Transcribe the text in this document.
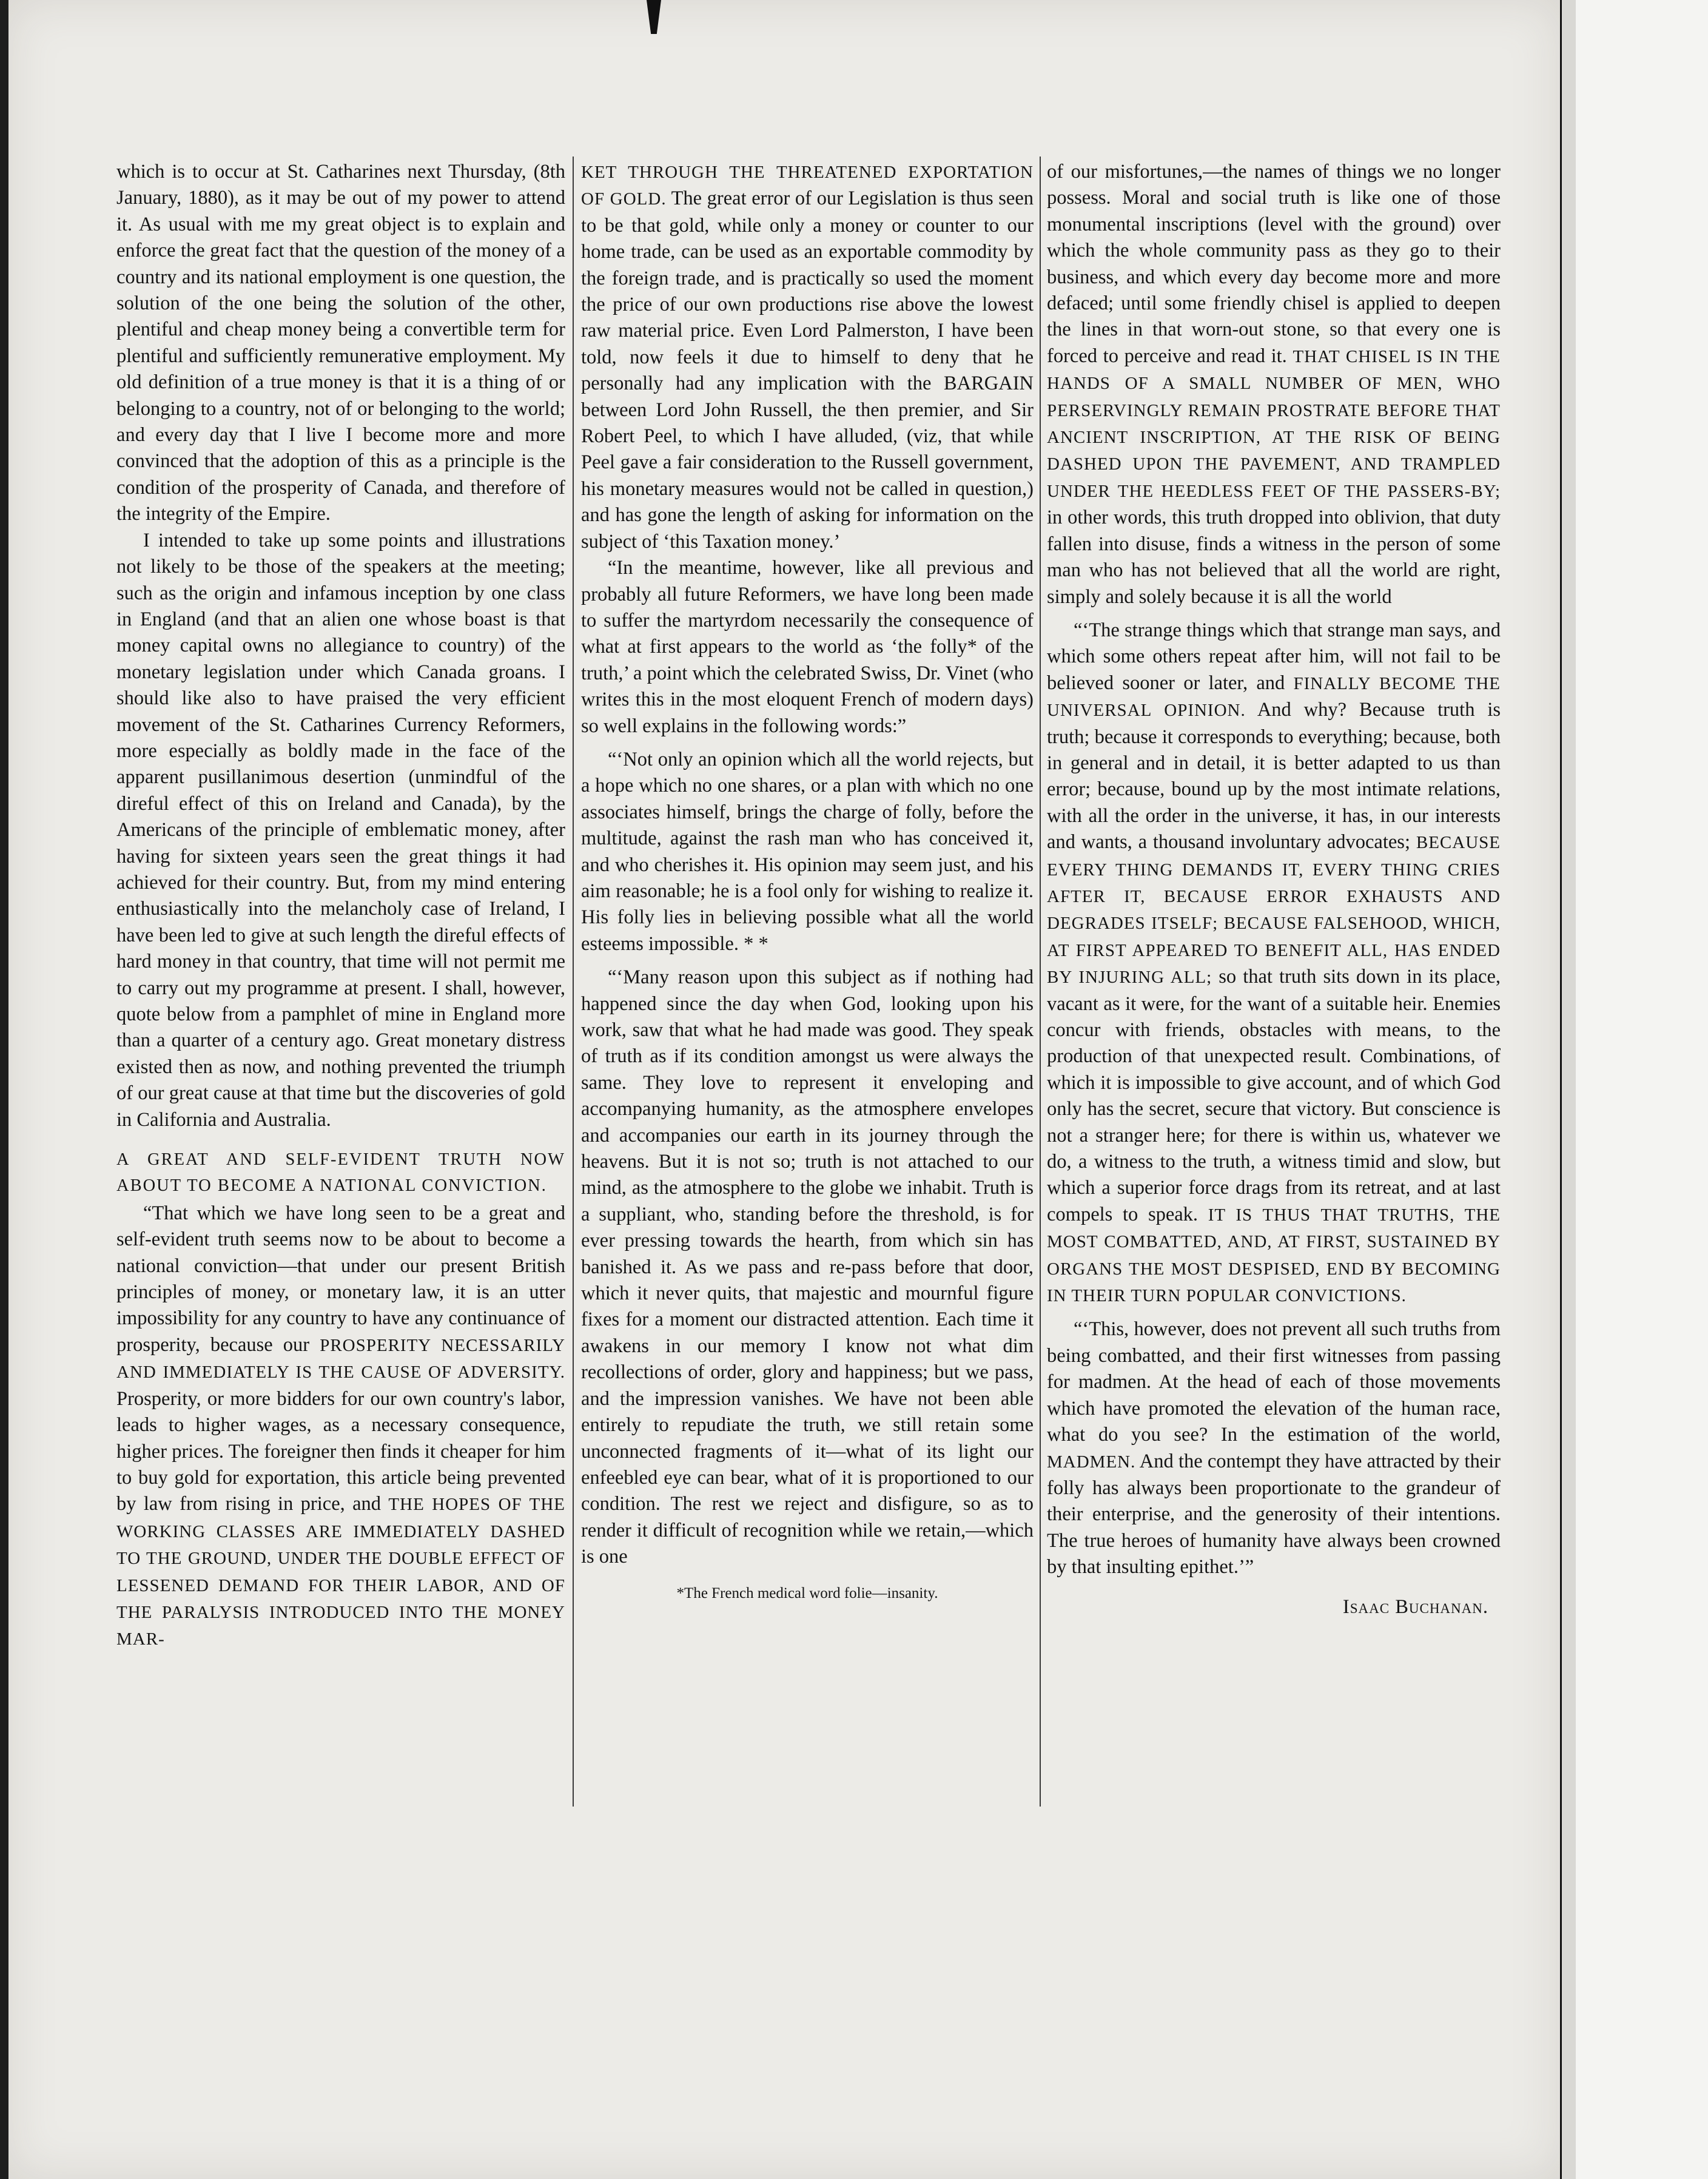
which is to occur at St. Catharines next Thursday, (8th January, 1880), as it may be out of my power to attend it. As usual with me my great object is to explain and enforce the great fact that the question of the money of a country and its national employment is one question, the solution of the one being the solution of the other, plentiful and cheap money being a convertible term for plentiful and sufficiently remunerative employment. My old definition of a true money is that it is a thing of or belonging to a country, not of or belonging to the world; and every day that I live I become more and more convinced that the adoption of this as a principle is the condition of the prosperity of Canada, and therefore of the integrity of the Empire.

I intended to take up some points and illustrations not likely to be those of the speakers at the meeting; such as the origin and infamous inception by one class in England (and that an alien one whose boast is that money capital owns no allegiance to country) of the monetary legislation under which Canada groans. I should like also to have praised the very efficient movement of the St. Catharines Currency Reformers, more especially as boldly made in the face of the apparent pusillanimous desertion (unmindful of the direful effect of this on Ireland and Canada), by the Americans of the principle of emblematic money, after having for sixteen years seen the great things it had achieved for their country. But, from my mind entering enthusiastically into the melancholy case of Ireland, I have been led to give at such length the direful effects of hard money in that country, that time will not permit me to carry out my programme at present. I shall, however, quote below from a pamphlet of mine in England more than a quarter of a century ago. Great monetary distress existed then as now, and nothing prevented the triumph of our great cause at that time but the discoveries of gold in California and Australia.

A GREAT AND SELF-EVIDENT TRUTH NOW ABOUT TO BECOME A NATIONAL CONVICTION.

“That which we have long seen to be a great and self-evident truth seems now to be about to become a national conviction—that under our present British principles of money, or monetary law, it is an utter impossibility for any country to have any continuance of prosperity, because our PROSPERITY NECESSARILY AND IMMEDIATELY IS THE CAUSE OF ADVERSITY. Prosperity, or more bidders for our own country's labor, leads to higher wages, as a necessary consequence, higher prices. The foreigner then finds it cheaper for him to buy gold for exportation, this article being prevented by law from rising in price, and THE HOPES OF THE WORKING CLASSES ARE IMMEDIATELY DASHED TO THE GROUND, UNDER THE DOUBLE EFFECT OF LESSENED DEMAND FOR THEIR LABOR, AND OF THE PARALYSIS INTRODUCED INTO THE MONEY MAR-

KET THROUGH THE THREATENED EXPORTATION OF GOLD. The great error of our Legislation is thus seen to be that gold, while only a money or counter to our home trade, can be used as an exportable commodity by the foreign trade, and is practically so used the moment the price of our own productions rise above the lowest raw material price. Even Lord Palmerston, I have been told, now feels it due to himself to deny that he personally had any implication with the BARGAIN between Lord John Russell, the then premier, and Sir Robert Peel, to which I have alluded, (viz, that while Peel gave a fair consideration to the Russell government, his monetary measures would not be called in question,) and has gone the length of asking for information on the subject of ‘this Taxation money.’

“In the meantime, however, like all previous and probably all future Reformers, we have long been made to suffer the martyrdom necessarily the consequence of what at first appears to the world as ‘the folly* of the truth,’ a point which the celebrated Swiss, Dr. Vinet (who writes this in the most eloquent French of modern days) so well explains in the following words:”

“‘Not only an opinion which all the world rejects, but a hope which no one shares, or a plan with which no one associates himself, brings the charge of folly, before the multitude, against the rash man who has conceived it, and who cherishes it. His opinion may seem just, and his aim reasonable; he is a fool only for wishing to realize it. His folly lies in believing possible what all the world esteems impossible. * *

“‘Many reason upon this subject as if nothing had happened since the day when God, looking upon his work, saw that what he had made was good. They speak of truth as if its condition amongst us were always the same. They love to represent it enveloping and accompanying humanity, as the atmosphere envelopes and accompanies our earth in its journey through the heavens. But it is not so; truth is not attached to our mind, as the atmosphere to the globe we inhabit. Truth is a suppliant, who, standing before the threshold, is for ever pressing towards the hearth, from which sin has banished it. As we pass and re-pass before that door, which it never quits, that majestic and mournful figure fixes for a moment our distracted attention. Each time it awakens in our memory I know not what dim recollections of order, glory and happiness; but we pass, and the impression vanishes. We have not been able entirely to repudiate the truth, we still retain some unconnected fragments of it—what of its light our enfeebled eye can bear, what of it is proportioned to our condition. The rest we reject and disfigure, so as to render it difficult of recognition while we retain,—which is one

*The French medical word folie—insanity.

of our misfortunes,—the names of things we no longer possess. Moral and social truth is like one of those monumental inscriptions (level with the ground) over which the whole community pass as they go to their business, and which every day become more and more defaced; until some friendly chisel is applied to deepen the lines in that worn-out stone, so that every one is forced to perceive and read it. THAT CHISEL IS IN THE HANDS OF A SMALL NUMBER OF MEN, WHO PERSERVINGLY REMAIN PROSTRATE BEFORE THAT ANCIENT INSCRIPTION, AT THE RISK OF BEING DASHED UPON THE PAVEMENT, AND TRAMPLED UNDER THE HEEDLESS FEET OF THE PASSERS-BY; in other words, this truth dropped into oblivion, that duty fallen into disuse, finds a witness in the person of some man who has not believed that all the world are right, simply and solely because it is all the world

“‘The strange things which that strange man says, and which some others repeat after him, will not fail to be believed sooner or later, and FINALLY BECOME THE UNIVERSAL OPINION. And why? Because truth is truth; because it corresponds to everything; because, both in general and in detail, it is better adapted to us than error; because, bound up by the most intimate relations, with all the order in the universe, it has, in our interests and wants, a thousand involuntary advocates; BECAUSE EVERY THING DEMANDS IT, EVERY THING CRIES AFTER IT, BECAUSE ERROR EXHAUSTS AND DEGRADES ITSELF; BECAUSE FALSEHOOD, WHICH, AT FIRST APPEARED TO BENEFIT ALL, HAS ENDED BY INJURING ALL; so that truth sits down in its place, vacant as it were, for the want of a suitable heir. Enemies concur with friends, obstacles with means, to the production of that unexpected result. Combinations, of which it is impossible to give account, and of which God only has the secret, secure that victory. But conscience is not a stranger here; for there is within us, whatever we do, a witness to the truth, a witness timid and slow, but which a superior force drags from its retreat, and at last compels to speak. IT IS THUS THAT TRUTHS, THE MOST COMBATTED, AND, AT FIRST, SUSTAINED BY ORGANS THE MOST DESPISED, END BY BECOMING IN THEIR TURN POPULAR CONVICTIONS.

“‘This, however, does not prevent all such truths from being combatted, and their first witnesses from passing for madmen. At the head of each of those movements which have promoted the elevation of the human race, what do you see? In the estimation of the world, MADMEN. And the contempt they have attracted by their folly has always been proportionate to the grandeur of their enterprise, and the generosity of their intentions. The true heroes of humanity have always been crowned by that insulting epithet.’”

Isaac Buchanan.
